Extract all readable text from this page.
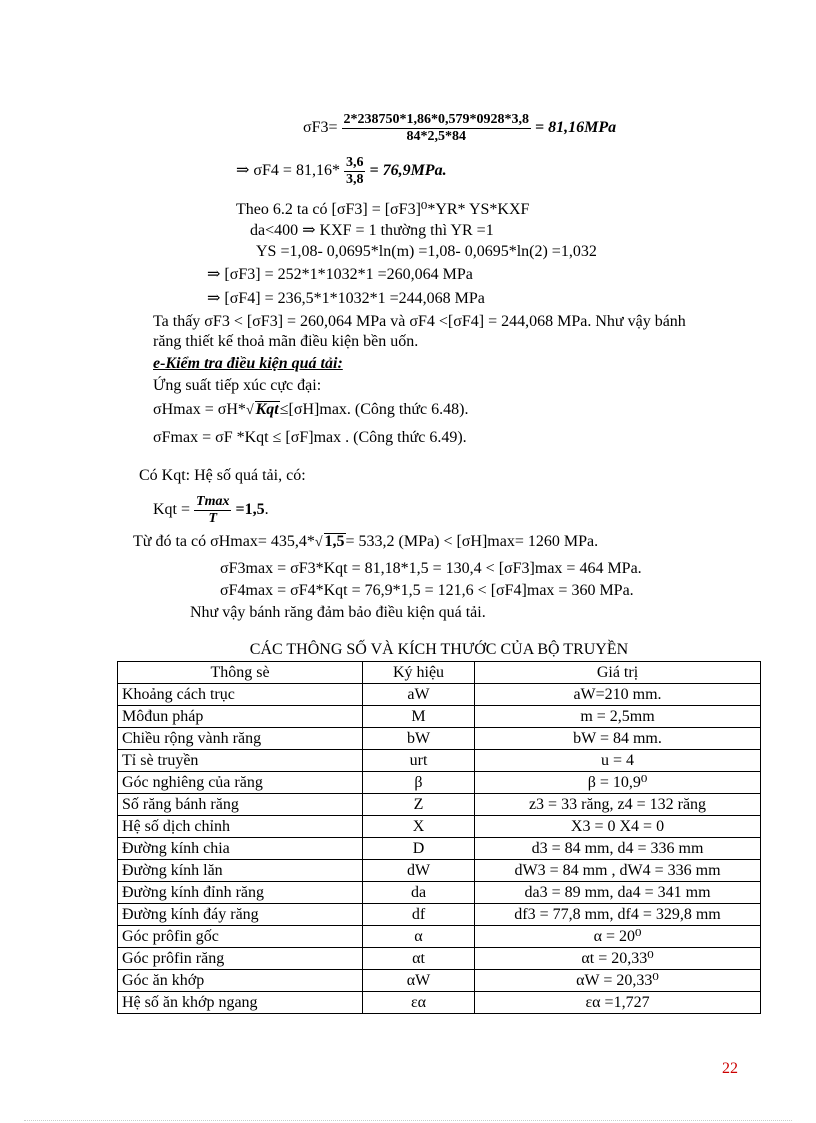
$\sigma F3= \frac{2*238750*1,86*0,579*0928*3,8}{84*2,5*84} = 81,16MPa$
⇒ $\sigma F4 = 81,16* \frac{3,6}{3,8} = 76,9MPa$.
Theo 6.2 ta có [σF3] = [σF3]⁰*YR* YS*KXF
da<400 ⇒ KXF = 1 thường thì YR =1
YS =1,08- 0,0695*ln(m) =1,08- 0,0695*ln(2) =1,032
⇒ [σF3] = 252*1*1032*1 =260,064 MPa
⇒ [σF4] = 236,5*1*1032*1 =244,068 MPa
Ta thấy σF3 < [σF3] = 260,064 MPa và σF4 <[σF4] = 244,068 MPa. Như vậy bánh
răng thiết kế thoả mãn điều kiện bền uốn.
e-Kiểm tra điều kiện quá tải:
Ứng suất tiếp xúc cực đại:
σHmax = σH*√ Kqt≤[σH]max. (Công thức 6.48).
σFmax = σF *Kqt ≤ [σF]max . (Công thức 6.49).
Có Kqt: Hệ số quá tải, có:
Kqt = $\frac{Tmax}{T} =1,5$.
Từ đó ta có σHmax= 435,4*√ 1,5= 533,2 (MPa) < [σH]max= 1260 MPa.
σF3max = σF3*Kqt = 81,18*1,5 = 130,4 < [σF3]max = 464 MPa.
σF4max = σF4*Kqt = 76,9*1,5 = 121,6 < [σF4]max = 360 MPa.
Như vậy bánh răng đảm bảo điều kiện quá tải.
CÁC THÔNG SỐ VÀ KÍCH THƯỚC CỦA BỘ TRUYỀN
Thông sè	Ký hiệu	Giá trị
Khoảng cách trục	aW	aW=210 mm.
Môđun pháp	M	m = 2,5mm
Chiều rộng vành răng	bW	bW = 84 mm.
Tỉ sè truyền	urt	u = 4
Góc nghiêng của răng	β	β = 10,9⁰
Số răng bánh răng	Z	z3 = 33 răng, z4 = 132 răng
Hệ số dịch chỉnh	X	X3 = 0 X4 = 0
Đường kính chia	D	d3 = 84 mm, d4 = 336 mm
Đường kính lăn	dW	dW3 = 84 mm , dW4 = 336 mm
Đường kính đỉnh răng	da	da3 = 89 mm, da4 = 341 mm
Đường kính đáy răng	df	df3 = 77,8 mm, df4 = 329,8 mm
Góc prôfin gốc	α	α = 20⁰
Góc prôfin răng	αt	αt = 20,33⁰
Góc ăn khớp	αW	αW = 20,33⁰
Hệ số ăn khớp ngang	εα	εα =1,727
22
